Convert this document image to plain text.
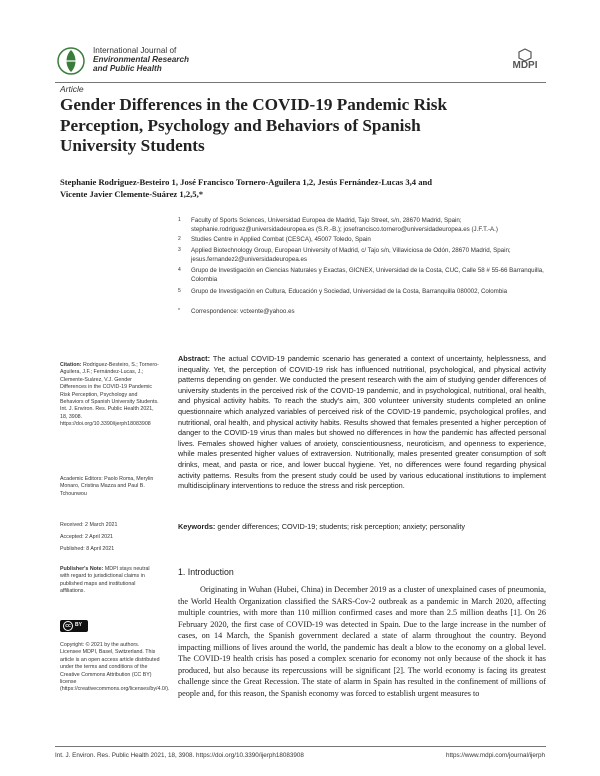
International Journal of
Environmental Research
and Public Health	MDPI
Article
Gender Differences in the COVID-19 Pandemic Risk Perception, Psychology and Behaviors of Spanish University Students
Stephanie Rodriguez-Besteiro 1, José Francisco Tornero-Aguilera 1,2, Jesús Fernández-Lucas 3,4 and
Vicente Javier Clemente-Suárez 1,2,5,*
1 Faculty of Sports Sciences, Universidad Europea de Madrid, Tajo Street, s/n, 28670 Madrid, Spain; stephanie.rodriguez@universidadeuropea.es (S.R.-B.); josefrancisco.tornero@universidadeuropea.es (J.F.T.-A.)
2 Studies Centre in Applied Combat (CESCA), 45007 Toledo, Spain
3 Applied Biotechnology Group, European University of Madrid, c/ Tajo s/n, Villaviciosa de Odón, 28670 Madrid, Spain; jesus.fernandez2@universidadeuropea.es
4 Grupo de Investigación en Ciencias Naturales y Exactas, GICNEX, Universidad de la Costa, CUC, Calle 58 # 55-66 Barranquilla, Colombia
5 Grupo de Investigación en Cultura, Educación y Sociedad, Universidad de la Costa, Barranquilla 080002, Colombia
* Correspondence: vctxente@yahoo.es
Abstract: The actual COVID-19 pandemic scenario has generated a context of uncertainty, helplessness, and inequality. Yet, the perception of COVID-19 risk has influenced nutritional, psychological, and physical activity patterns depending on gender. We conducted the present research with the aim of studying gender differences of university students in the perceived risk of the COVID-19 pandemic, and in psychological, nutritional, oral health, and physical activity habits. To reach the study's aim, 300 volunteer university students completed an online questionnaire which analyzed variables of perceived risk of the COVID-19 pandemic, psychological profiles, and nutritional, oral health, and physical activity habits. Results showed that females presented a higher perception of danger to the COVID-19 virus than males but showed no differences in how the pandemic has affected personal lives. Females showed higher values of anxiety, conscientiousness, neuroticism, and openness to experience, while males presented higher values of extraversion. Nutritionally, males presented greater consumption of soft drinks, meat, and pasta or rice, and lower buccal hygiene. Yet, no differences were found regarding physical activity patterns. Results from the present study could be used by various educational institutions to implement multidisciplinary interventions to reduce the stress and risk perception.
Keywords: gender differences; COVID-19; students; risk perception; anxiety; personality
Citation: Rodriguez-Besteiro, S.; Tornero-Aguilera, J.F.; Fernández-Lucas, J.; Clemente-Suárez, V.J. Gender Differences in the COVID-19 Pandemic Risk Perception, Psychology and Behaviors of Spanish University Students. Int. J. Environ. Res. Public Health 2021, 18, 3908. https://doi.org/10.3390/ijerph18083908
Academic Editors: Paolo Roma, Merylin Monaro, Cristina Mazza and Paul B. Tchounwou
Received: 2 March 2021
Accepted: 2 April 2021
Published: 8 April 2021
Publisher's Note: MDPI stays neutral with regard to jurisdictional claims in published maps and institutional affiliations.
cc BY
Copyright: © 2021 by the authors. Licensee MDPI, Basel, Switzerland. This article is an open access article distributed under the terms and conditions of the Creative Commons Attribution (CC BY) license (https://creativecommons.org/licenses/by/4.0/).
1. Introduction
Originating in Wuhan (Hubei, China) in December 2019 as a cluster of unexplained cases of pneumonia, the World Health Organization classified the SARS-Cov-2 outbreak as a pandemic in March 2020, affecting multiple countries, with more than 110 million confirmed cases and more than 2.5 million deaths [1]. On 26 February 2020, the first case of COVID-19 was detected in Spain. Due to the large increase in the number of cases, on 14 March, the Spanish government declared a state of alarm throughout the country. Beyond impacting millions of lives around the world, the pandemic has dealt a blow to the economy on a global level. The COVID-19 health crisis has posed a complex scenario for economy not only because of the shock it has produced, but also because its repercussions will be significant [2]. The world economy is facing its greatest challenge since the Great Recession. The state of alarm in Spain has resulted in the confinement of millions of people and, for this reason, the Spanish economy was forced to establish urgent measures to
Int. J. Environ. Res. Public Health 2021, 18, 3908. https://doi.org/10.3390/ijerph18083908	https://www.mdpi.com/journal/ijerph
